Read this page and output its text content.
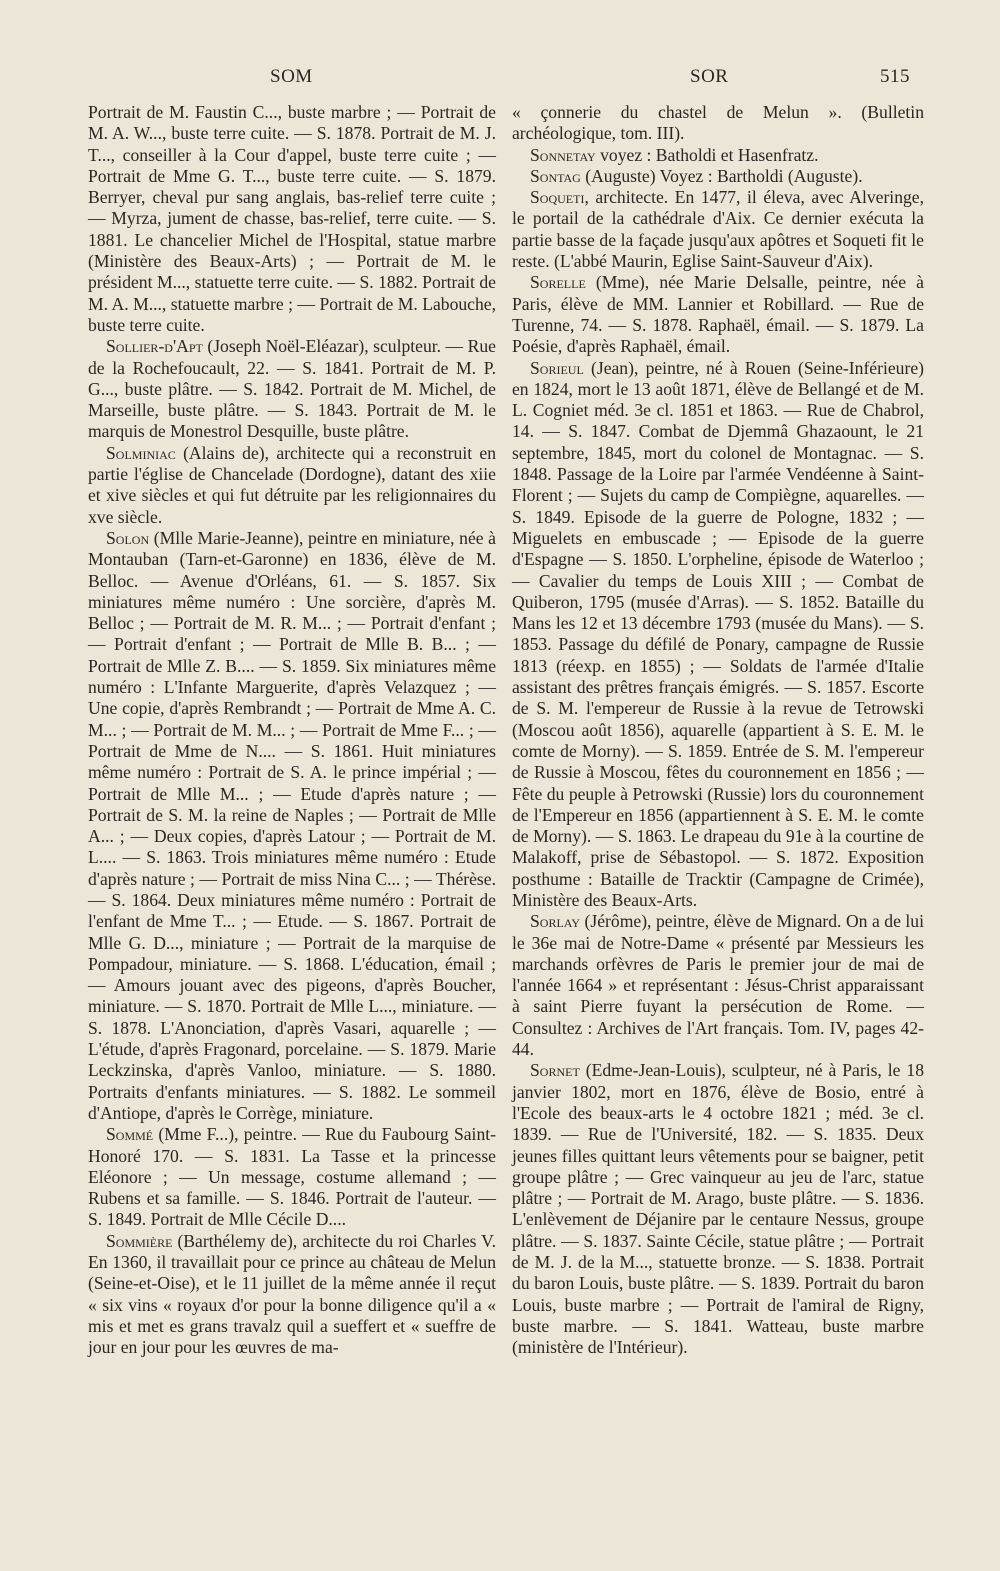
SOM	SOR	515

Portrait de M. Faustin C..., buste marbre ; — Portrait de M. A. W..., buste terre cuite. — S. 1878. Portrait de M. J. T..., conseiller à la Cour d'appel, buste terre cuite ; — Portrait de Mme G. T..., buste terre cuite. — S. 1879. Berryer, cheval pur sang anglais, bas-relief terre cuite ; — Myrza, jument de chasse, bas-relief, terre cuite. — S. 1881. Le chancelier Michel de l'Hospital, statue marbre (Ministère des Beaux-Arts) ; — Portrait de M. le président M..., statuette terre cuite. — S. 1882. Portrait de M. A. M..., statuette marbre ; — Portrait de M. Labouche, buste terre cuite.

Sollier-d'Apt (Joseph Noël-Eléazar), sculpteur. — Rue de la Rochefoucault, 22. — S. 1841. Portrait de M. P. G..., buste plâtre. — S. 1842. Portrait de M. Michel, de Marseille, buste plâtre. — S. 1843. Portrait de M. le marquis de Monestrol Desquille, buste plâtre.

Solminiac (Alains de), architecte qui a reconstruit en partie l'église de Chancelade (Dordogne), datant des xiie et xive siècles et qui fut détruite par les religionnaires du xve siècle.

Solon (Mlle Marie-Jeanne), peintre en miniature, née à Montauban (Tarn-et-Garonne) en 1836, élève de M. Belloc. — Avenue d'Orléans, 61. — S. 1857. Six miniatures même numéro : Une sorcière, d'après M. Belloc ; — Portrait de M. R. M... ; — Portrait d'enfant ; — Portrait d'enfant ; — Portrait de Mlle B. B... ; — Portrait de Mlle Z. B.... — S. 1859. Six miniatures même numéro : L'Infante Marguerite, d'après Velazquez ; — Une copie, d'après Rembrandt ; — Portrait de Mme A. C. M... ; — Portrait de M. M... ; — Portrait de Mme F... ; — Portrait de Mme de N.... — S. 1861. Huit miniatures même numéro : Portrait de S. A. le prince impérial ; — Portrait de Mlle M... ; — Etude d'après nature ; — Portrait de S. M. la reine de Naples ; — Portrait de Mlle A... ; — Deux copies, d'après Latour ; — Portrait de M. L.... — S. 1863. Trois miniatures même numéro : Etude d'après nature ; — Portrait de miss Nina C... ; — Thérèse. — S. 1864. Deux miniatures même numéro : Portrait de l'enfant de Mme T... ; — Etude. — S. 1867. Portrait de Mlle G. D..., miniature ; — Portrait de la marquise de Pompadour, miniature. — S. 1868. L'éducation, émail ; — Amours jouant avec des pigeons, d'après Boucher, miniature. — S. 1870. Portrait de Mlle L..., miniature. — S. 1878. L'Anonciation, d'après Vasari, aquarelle ; — L'étude, d'après Fragonard, porcelaine. — S. 1879. Marie Leckzinska, d'après Vanloo, miniature. — S. 1880. Portraits d'enfants miniatures. — S. 1882. Le sommeil d'Antiope, d'après le Corrège, miniature.

Sommé (Mme F...), peintre. — Rue du Faubourg Saint-Honoré 170. — S. 1831. La Tasse et la princesse Eléonore ; — Un message, costume allemand ; — Rubens et sa famille. — S. 1846. Portrait de l'auteur. — S. 1849. Portrait de Mlle Cécile D....

Sommière (Barthélemy de), architecte du roi Charles V. En 1360, il travaillait pour ce prince au château de Melun (Seine-et-Oise), et le 11 juillet de la même année il reçut « six vins « royaux d'or pour la bonne diligence qu'il a « mis et met es grans travalz quil a sueffert et « sueffre de jour en jour pour les œuvres de ma-

« çonnerie du chastel de Melun ». (Bulletin archéologique, tom. III).

Sonnetay voyez : Batholdi et Hasenfratz.

Sontag (Auguste) Voyez : Bartholdi (Auguste).

Soqueti, architecte. En 1477, il éleva, avec Alveringe, le portail de la cathédrale d'Aix. Ce dernier exécuta la partie basse de la façade jusqu'aux apôtres et Soqueti fit le reste. (L'abbé Maurin, Eglise Saint-Sauveur d'Aix).

Sorelle (Mme), née Marie Delsalle, peintre, née à Paris, élève de MM. Lannier et Robillard. — Rue de Turenne, 74. — S. 1878. Raphaël, émail. — S. 1879. La Poésie, d'après Raphaël, émail.

Sorieul (Jean), peintre, né à Rouen (Seine-Inférieure) en 1824, mort le 13 août 1871, élève de Bellangé et de M. L. Cogniet méd. 3e cl. 1851 et 1863. — Rue de Chabrol, 14. — S. 1847. Combat de Djemmâ Ghazaount, le 21 septembre, 1845, mort du colonel de Montagnac. — S. 1848. Passage de la Loire par l'armée Vendéenne à Saint-Florent ; — Sujets du camp de Compiègne, aquarelles. — S. 1849. Episode de la guerre de Pologne, 1832 ; — Miguelets en embuscade ; — Episode de la guerre d'Espagne — S. 1850. L'orpheline, épisode de Waterloo ; — Cavalier du temps de Louis XIII ; — Combat de Quiberon, 1795 (musée d'Arras). — S. 1852. Bataille du Mans les 12 et 13 décembre 1793 (musée du Mans). — S. 1853. Passage du défilé de Ponary, campagne de Russie 1813 (réexp. en 1855) ; — Soldats de l'armée d'Italie assistant des prêtres français émigrés. — S. 1857. Escorte de S. M. l'empereur de Russie à la revue de Tetrowski (Moscou août 1856), aquarelle (appartient à S. E. M. le comte de Morny). — S. 1859. Entrée de S. M. l'empereur de Russie à Moscou, fêtes du couronnement en 1856 ; — Fête du peuple à Petrowski (Russie) lors du couronnement de l'Empereur en 1856 (appartiennent à S. E. M. le comte de Morny). — S. 1863. Le drapeau du 91e à la courtine de Malakoff, prise de Sébastopol. — S. 1872. Exposition posthume : Bataille de Tracktir (Campagne de Crimée), Ministère des Beaux-Arts.

Sorlay (Jérôme), peintre, élève de Mignard. On a de lui le 36e mai de Notre-Dame « présenté par Messieurs les marchands orfèvres de Paris le premier jour de mai de l'année 1664 » et représentant : Jésus-Christ apparaissant à saint Pierre fuyant la persécution de Rome. — Consultez : Archives de l'Art français. Tom. IV, pages 42-44.

Sornet (Edme-Jean-Louis), sculpteur, né à Paris, le 18 janvier 1802, mort en 1876, élève de Bosio, entré à l'Ecole des beaux-arts le 4 octobre 1821 ; méd. 3e cl. 1839. — Rue de l'Université, 182. — S. 1835. Deux jeunes filles quittant leurs vêtements pour se baigner, petit groupe plâtre ; — Grec vainqueur au jeu de l'arc, statue plâtre ; — Portrait de M. Arago, buste plâtre. — S. 1836. L'enlèvement de Déjanire par le centaure Nessus, groupe plâtre. — S. 1837. Sainte Cécile, statue plâtre ; — Portrait de M. J. de la M..., statuette bronze. — S. 1838. Portrait du baron Louis, buste plâtre. — S. 1839. Portrait du baron Louis, buste marbre ; — Portrait de l'amiral de Rigny, buste marbre. — S. 1841. Watteau, buste marbre (ministère de l'Intérieur).
